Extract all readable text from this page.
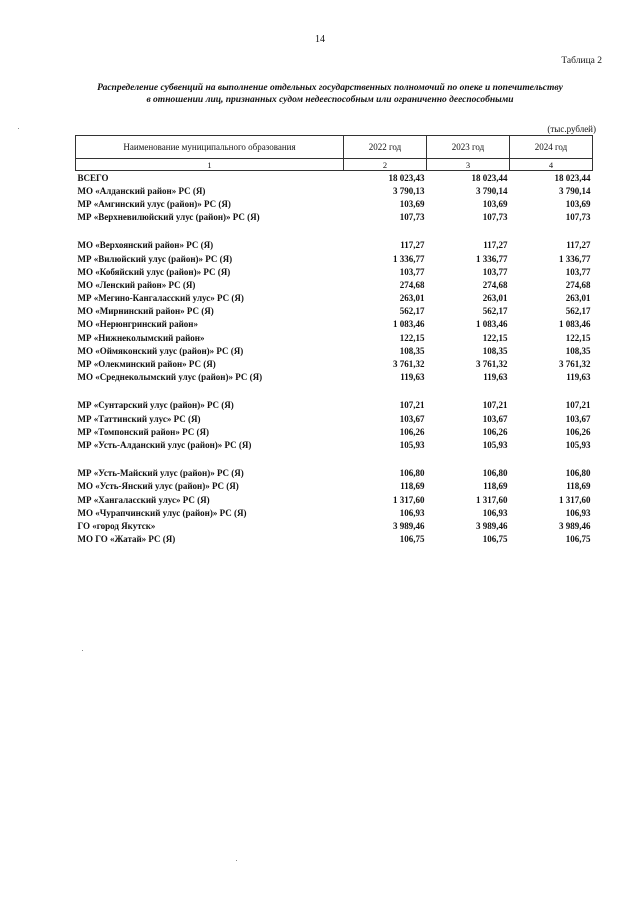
14
Таблица 2
Распределение субвенций на выполнение отдельных государственных полномочий по опеке и попечительству
в отношении лиц, признанных судом недееспособным или ограниченно дееспособными
(тыс.рублей)
Наименование муниципального образования	2022 год	2023 год	2024 год
1	2	3	4
ВСЕГО	18 023,43	18 023,44	18 023,44
МО «Алданский район» РС (Я)	3 790,13	3 790,14	3 790,14
МР «Амгинский улус (район)» РС (Я)	103,69	103,69	103,69
МР «Верхневилюйский улус (район)» РС (Я)	107,73	107,73	107,73

МО «Верхоянский район» РС (Я)	117,27	117,27	117,27
МР «Вилюйский улус (район)» РС (Я)	1 336,77	1 336,77	1 336,77
МО «Кобяйский улус (район)» РС (Я)	103,77	103,77	103,77
МО «Ленский район» РС (Я)	274,68	274,68	274,68
МР «Мегино-Кангаласский улус» РС (Я)	263,01	263,01	263,01
МО «Мирнинский район» РС (Я)	562,17	562,17	562,17
МО «Нерюнгринский район»	1 083,46	1 083,46	1 083,46
МР «Нижнеколымский район»	122,15	122,15	122,15
МО «Оймяконский улус (район)» РС (Я)	108,35	108,35	108,35
МР «Олекминский район» РС (Я)	3 761,32	3 761,32	3 761,32
МО «Среднеколымский улус (район)» РС (Я)	119,63	119,63	119,63

МР «Сунтарский улус (район)» РС (Я)	107,21	107,21	107,21
МР «Таттинский улус» РС (Я)	103,67	103,67	103,67
МР «Томпонский район» РС (Я)	106,26	106,26	106,26
МР «Усть-Алданский улус (район)» РС (Я)	105,93	105,93	105,93

МР «Усть-Майский улус (район)» РС (Я)	106,80	106,80	106,80
МО «Усть-Янский улус (район)» РС (Я)	118,69	118,69	118,69
МР «Хангаласский улус» РС (Я)	1 317,60	1 317,60	1 317,60
МО «Чурапчинский улус (район)» РС (Я)	106,93	106,93	106,93
ГО «город Якутск»	3 989,46	3 989,46	3 989,46
МО ГО «Жатай» РС (Я)	106,75	106,75	106,75
